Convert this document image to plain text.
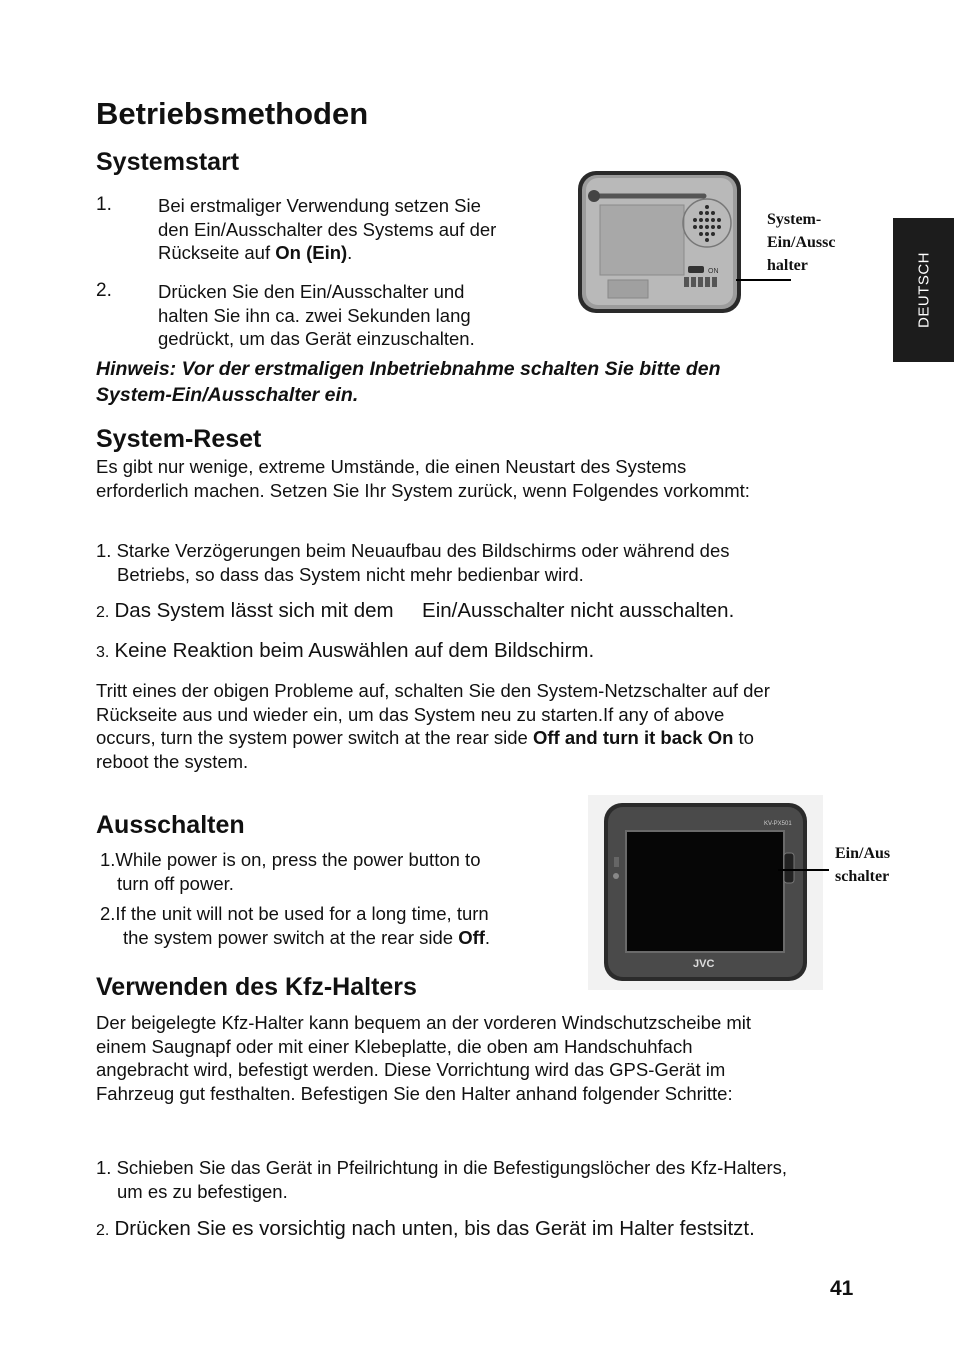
DEUTSCH
Betriebsmethoden
Systemstart
1. Bei erstmaliger Verwendung setzen Sie
den Ein/Ausschalter des Systems auf der
Rückseite auf On (Ein).
2. Drücken Sie den Ein/Ausschalter und
halten Sie ihn ca. zwei Sekunden lang
gedrückt, um das Gerät einzuschalten.
ON
System-
Ein/Aussc
halter
Hinweis: Vor der erstmaligen Inbetriebnahme schalten Sie bitte den
System-Ein/Ausschalter ein.
System-Reset
Es gibt nur wenige, extreme Umstände, die einen Neustart des Systems
erforderlich machen. Setzen Sie Ihr System zurück, wenn Folgendes vorkommt:
1. Starke Verzögerungen beim Neuaufbau des Bildschirms oder während des
Betriebs, so dass das System nicht mehr bedienbar wird.
2. Das System lässt sich mit dem     Ein/Ausschalter nicht ausschalten.
3. Keine Reaktion beim Auswählen auf dem Bildschirm.
Tritt eines der obigen Probleme auf, schalten Sie den System-Netzschalter auf der
Rückseite aus und wieder ein, um das System neu zu starten.If any of above
occurs, turn the system power switch at the rear side Off and turn it back On to
reboot the system.
Ausschalten
1.While power is on, press the power button to
turn off power.
2.If the unit will not be used for a long time, turn
the system power switch at the rear side Off.
KV-PX501
JVC
Ein/Aus
schalter
Verwenden des Kfz-Halters
Der beigelegte Kfz-Halter kann bequem an der vorderen Windschutzscheibe mit
einem Saugnapf oder mit einer Klebeplatte, die oben am Handschuhfach
angebracht wird, befestigt werden. Diese Vorrichtung wird das GPS-Gerät im
Fahrzeug gut festhalten. Befestigen Sie den Halter anhand folgender Schritte:
1. Schieben Sie das Gerät in Pfeilrichtung in die Befestigungslöcher des Kfz-Halters,
um es zu befestigen.
2. Drücken Sie es vorsichtig nach unten, bis das Gerät im Halter festsitzt.
41
